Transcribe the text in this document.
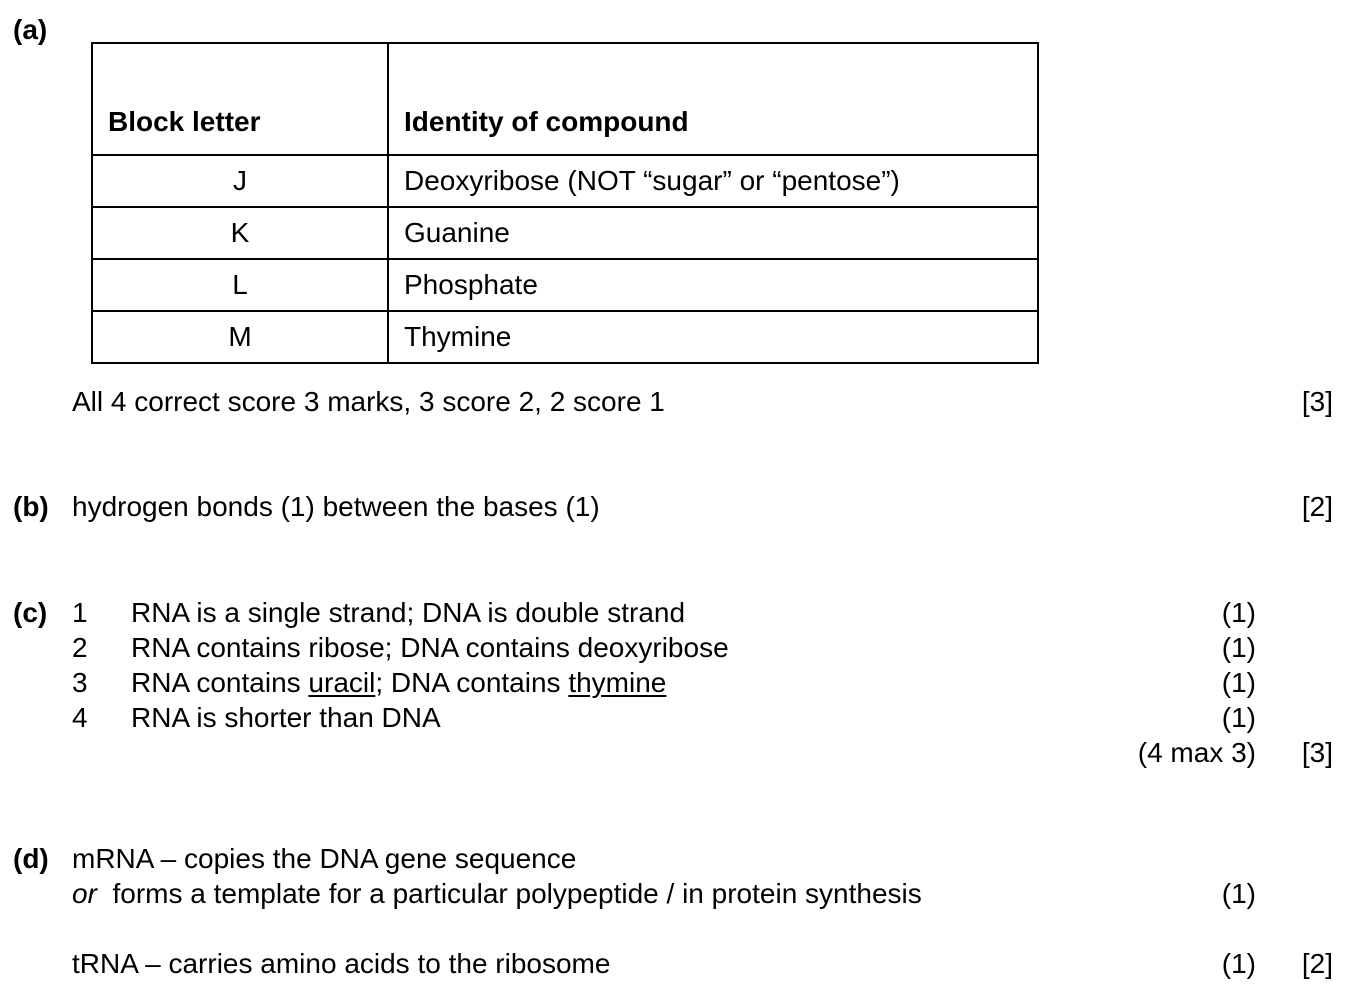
(a)
Block letter	Identity of compound
J	Deoxyribose (NOT “sugar” or “pentose”)
K	Guanine
L	Phosphate
M	Thymine
All 4 correct score 3 marks, 3 score 2, 2 score 1	[3]
(b) hydrogen bonds (1) between the bases (1)	[2]
(c) 1 RNA is a single strand; DNA is double strand	(1)
2 RNA contains ribose; DNA contains deoxyribose	(1)
3 RNA contains uracil; DNA contains thymine	(1)
4 RNA is shorter than DNA	(1)
(4 max 3) [3]
(d) mRNA – copies the DNA gene sequence
or forms a template for a particular polypeptide / in protein synthesis	(1)
tRNA – carries amino acids to the ribosome	(1) [2]
